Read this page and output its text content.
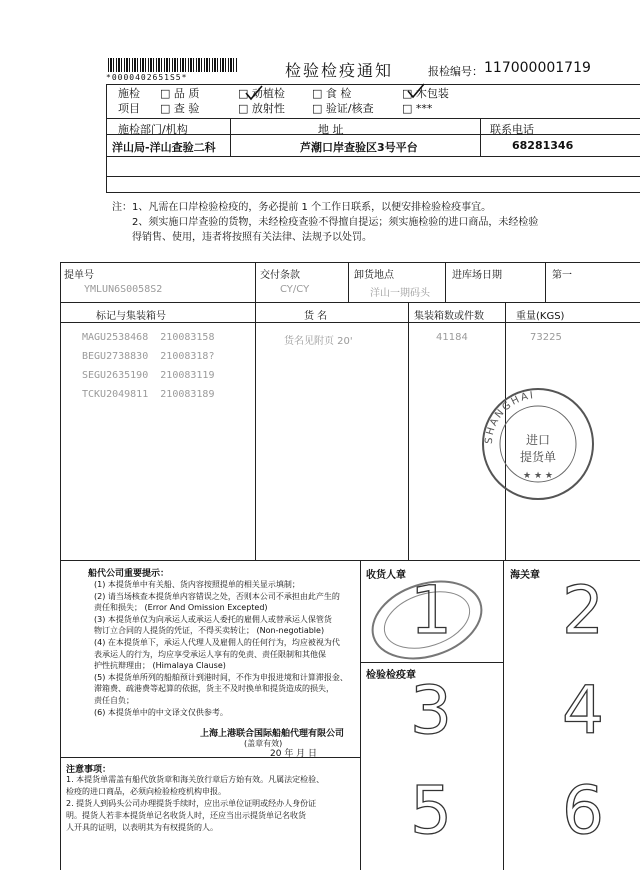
*0000402651S5*	检验检疫通知	报检编号： 117000001719
施检 □ 品 质	□ 动植检 □ 食 检	□ 木包装
项目 □ 查 验	□ 放射性 □ 验证/核查	□ ***
施检部门/机构	地 址	联系电话
洋山局-洋山查验二科	芦潮口岸查验区3号平台	68281346
注： 1、凡需在口岸检验检疫的，务必提前 1 个工作日联系，以便安排检验检疫事宜。
2、须实施口岸查验的货物，未经检疫查验不得擅自提运；须实施检验的进口商品，未经检验
得销售、使用，违者将按照有关法律、法规予以处罚。
提单号
YMLUN6S0058S2
交付条款
CY/CY
卸货地点
洋山一期码头
进库场日期	第一
标记与集装箱号	货 名	集装箱数或件数	重量(KGS)
MAGU2538468 210083158
BEGU2738830 21008318?
SEGU2635190 210083119
TCKU2049811 210083189
货名见附页 20'	41184	73225
SHANGHAI
进口
提货单
★ ★ ★
船代公司重要提示：
(1) 本提货单中有关船、货内容按照提单的相关显示填制；
(2) 请当场核查本提货单内容错误之处，否则本公司不承担由此产生的
责任和损失； (Error And Omission Excepted)
(3) 本提货单仅为向承运人或承运人委托的雇佣人或替承运人保管货
物订立合同的人提货的凭证，不得买卖转让； (Non-negotiable)
(4) 在本提货单下，承运人代理人及雇佣人的任何行为，均应被视为代
表承运人的行为，均应享受承运人享有的免责、责任限制和其他保
护性抗辩理由； (Himalaya Clause)
(5) 本提货单所列的船舶预计到港时间，不作为申报进境和计算滞报金、
滞箱费、疏港费等起算的依据，货主不及时换单和提货造成的损失，
责任自负；
(6) 本提货单中的中文译文仅供参考。
上海上港联合国际船舶代理有限公司
(盖章有效)
20 年 月 日
注意事项：
1. 本提货单需盖有船代放货章和海关放行章后方始有效。凡属法定检验、
检疫的进口商品，必须向检验检疫机构申报。
2. 提货人到码头公司办理提货手续时，应出示单位证明或经办人身份证
明。提货人若非本提货单记名收货人时，还应当出示提货单记名收货
人开具的证明，以表明其为有权提货的人。
收货人章	海关章
检验检疫章
1 2
3 4
5 6
